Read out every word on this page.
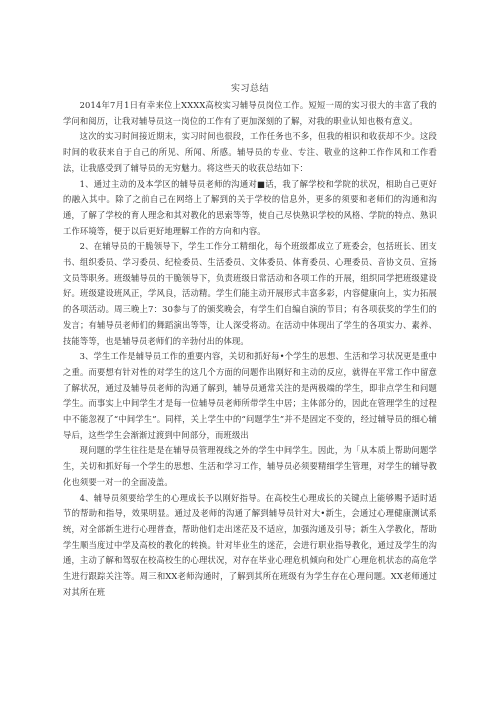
实习总结

2014年7月1日有幸来位上XXXX高校实习辅导员岗位工作。短短一周的实习很大的丰富了我的学问和阅历，让我对辅导员这一岗位的工作有了更加深刻的了解，对我的职业认知也极有意义。

这次的实习时间接近期末，实习时间也很段，工作任务也不多，但我的相识和收获却不少。这段时间的收获来自于自己的所见、所闻、所感。辅导员的专业、专注、敬业的这种工作作风和工作看法，让我感受到了辅导员的无穷魅力。将这些天的收获总结如下：

1、通过主动的及本学区的辅导员老师的沟通对■话，我了解学校和学院的状况，相助自己更好的融入其中。除了之前自己在网络上了解到的关于学校的信息外，更多的须要和老师们的沟通和沟通，了解了学校的育人理念和其对教化的思索等等，使自己尽快熟识学校的风格、学院的特点、熟识工作环境等，便于以后更好地理解工作的方向和内容。

2、在辅导员的干脆领导下，学生工作分工精细化，每个班级都成立了班委会，包括班长、团支书、组织委员、学习委员、纪检委员、生活委员、文体委员、体育委员、心理委员、音协文员、宣扬文员等职务。班级辅导员的干脆领导下，负责班级日常活动和各项工作的开展，组织同学把班级建设好。班级建设班风正，学风良，活动精。学生们能主动开展形式丰富多彩，内容健康向上，实力拓展的各项活动。周三晚上7：30参与了的颁奖晚会，有学生们自编自演的节目；有各项获奖的学生们的发言；有辅导员老师们的舞蹈演出等等，让人深受将动。在活动中体现出了学生的各项实力、素养、技能等等，也是辅导员老师们的辛勃付出的体现。

3、学生工作是辅导员工作的重要内容，关切和抓好每•个学生的思想、生活和学习状况更是重中之重。而要想有针对性的对学生的这几个方面的问题作出刚好和主动的反应，就得在平常工作中留意了解状况，通过及辅导员老师的沟通了解到，辅导员通常关注的是两极端的学生，即非点学生和问题学生。而事实上中间学生才是每一位辅导员老师所带学生中居；主体部分的，因此在管理学生的过程中不能忽视了“中间学生”。同样，关上学生中的“问题学生”并不是固定不变的，经过辅导员的细心辅导后，这些学生会渐渐过渡到中间部分，而班级出

现问题的学生往往是是在辅导员管理视线之外的学生中间学生。因此，为「从本质上帮助问题学生，关切和抓好每一个学生的思想、生活和学习工作，辅导员必须要精细学生管理，对学生的辅导教化也须要一对一的全面凌盖。

4、辅导员须要给学生的心理成长予以刚好指导。在高校生心理成长的关键点上能够赐予适时适节的帮助和指导，效果明显。通过及老师的沟通了解到辅导员针对大•新生，会通过心理健康测试系统，对全部新生进行心理普查，帮助他们走出迷茫及不适应，加强沟通及引导；新生入学教化，帮助学生顺当度过中学及高校的教化的转换。针对毕业生的迷茫，会进行职业指导教化，通过及学生的沟通，主动了解和驾驭在校高校生的心理状况，对存在毕业心理危机倾向和处广心理危机状态的高危学生进行跟踪关注等。周三和XX老师沟通时，了解到其所在班级有为学生存在心理问题。XX老师通过对其所在班
